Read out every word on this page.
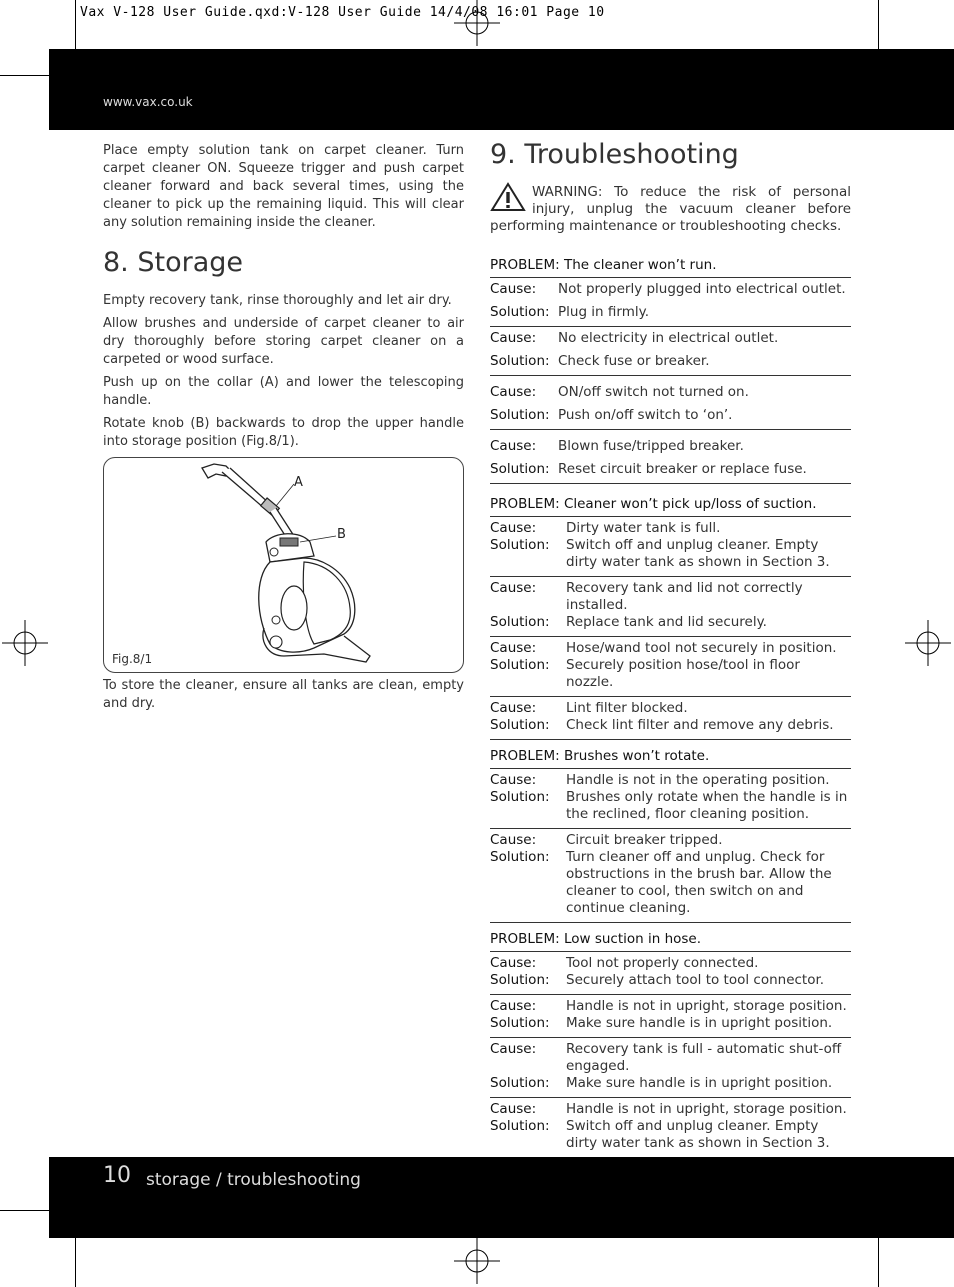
Vax V-128 User Guide.qxd:V-128 User Guide 14/4/08 16:01 Page 10
www.vax.co.uk

Place empty solution tank on carpet cleaner. Turn carpet cleaner ON. Squeeze trigger and push carpet cleaner forward and back several times, using the cleaner to pick up the remaining liquid. This will clear any solution remaining inside the cleaner.

8. Storage

Empty recovery tank, rinse thoroughly and let air dry.

Allow brushes and underside of carpet cleaner to air dry thoroughly before storing carpet cleaner on a carpeted or wood surface.

Push up on the collar (A) and lower the telescoping handle.

Rotate knob (B) backwards to drop the upper handle into storage position (Fig.8/1).

A
B
Fig.8/1

To store the cleaner, ensure all tanks are clean, empty and dry.

9. Troubleshooting
WARNING: To reduce the risk of personal injury, unplug the vacuum cleaner before performing maintenance or troubleshooting checks.
PROBLEM: The cleaner won’t run.
Cause:	Not properly plugged into electrical outlet.
Solution: Plug in firmly.
Cause:	No electricity in electrical outlet.
Solution: Check fuse or breaker.
Cause:	ON/off switch not turned on.
Solution: Push on/off switch to ‘on’.
Cause:	Blown fuse/tripped breaker.
Solution: Reset circuit breaker or replace fuse.
PROBLEM: Cleaner won’t pick up/loss of suction.
Cause:	Dirty water tank is full.
Solution:	Switch off and unplug cleaner. Empty dirty water tank as shown in Section 3.
Cause:	Recovery tank and lid not correctly installed.
Solution:	Replace tank and lid securely.
Cause:	Hose/wand tool not securely in position.
Solution:	Securely position hose/tool in floor nozzle.
Cause:	Lint filter blocked.
Solution:	Check lint filter and remove any debris.
PROBLEM: Brushes won’t rotate.
Cause:	Handle is not in the operating position.
Solution:	Brushes only rotate when the handle is in the reclined, floor cleaning position.
Cause:	Circuit breaker tripped.
Solution:	Turn cleaner off and unplug. Check for obstructions in the brush bar. Allow the cleaner to cool, then switch on and continue cleaning.
PROBLEM: Low suction in hose.
Cause:	Tool not properly connected.
Solution:	Securely attach tool to tool connector.
Cause:	Handle is not in upright, storage position.
Solution:	Make sure handle is in upright position.
Cause:	Recovery tank is full - automatic shut-off engaged.
Solution:	Make sure handle is in upright position.
Cause:	Handle is not in upright, storage position.
Solution:	Switch off and unplug cleaner. Empty dirty water tank as shown in Section 3.
10 storage / troubleshooting
